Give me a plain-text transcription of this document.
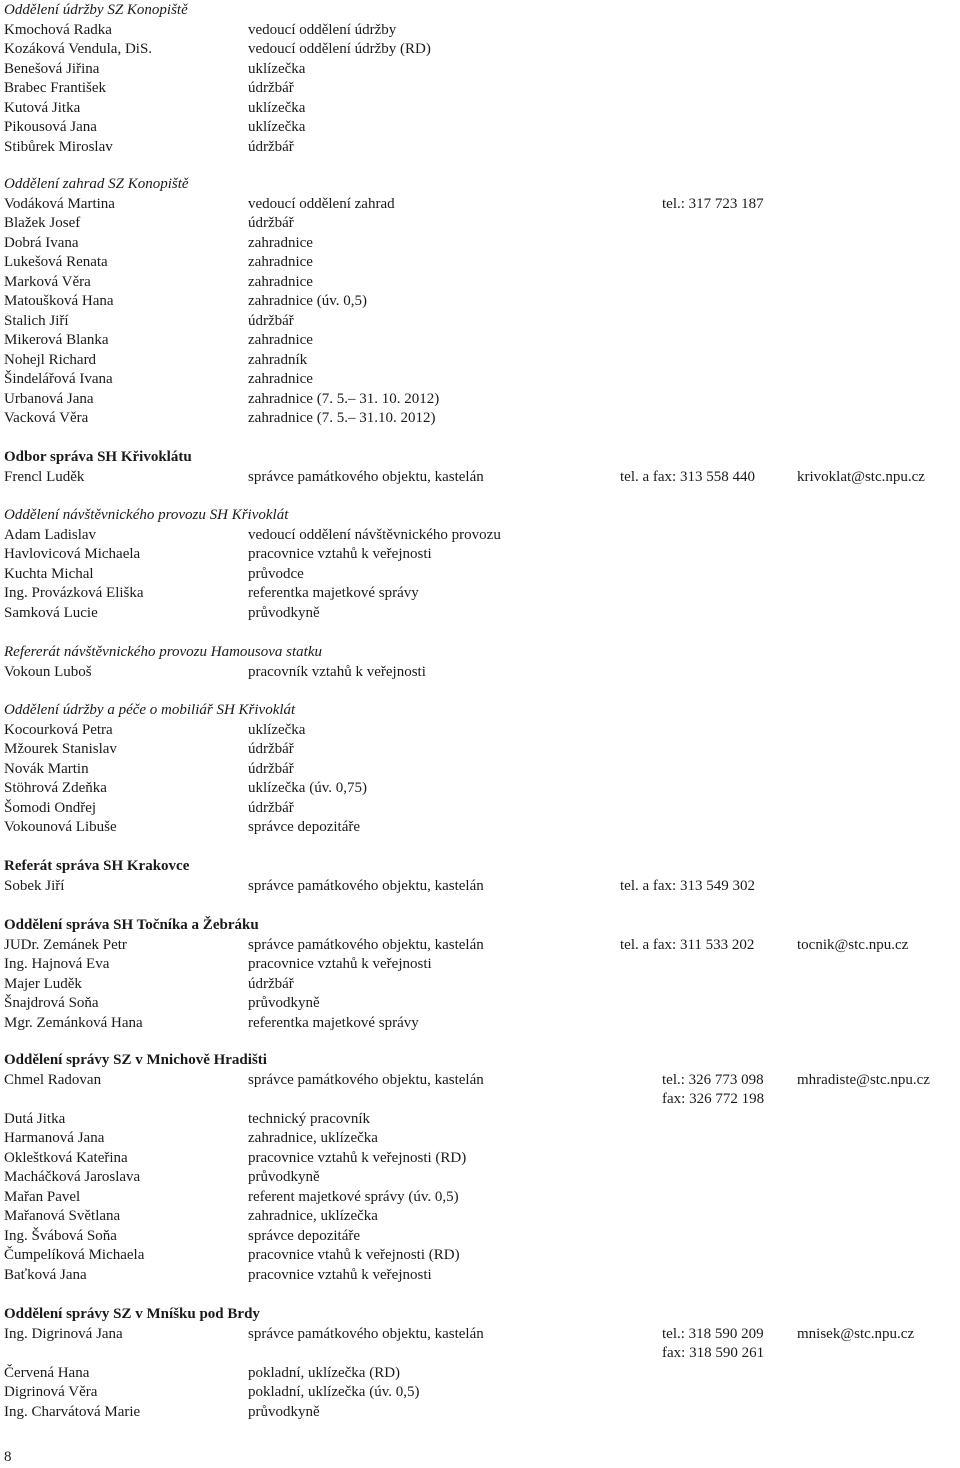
Oddělení údržby SZ Konopiště
Kmochová Radka	vedoucí oddělení údržby
Kozáková Vendula, DiS.	vedoucí oddělení údržby (RD)
Benešová Jiřina	uklízečka
Brabec František	údržbář
Kutová Jitka	uklízečka
Pikousová Jana	uklízečka
Stibůrek Miroslav	údržbář
Oddělení zahrad SZ Konopiště
Vodáková Martina	vedoucí oddělení zahrad	tel.: 317 723 187
Blažek Josef	údržbář
Dobrá Ivana	zahradnice
Lukešová Renata	zahradnice
Marková Věra	zahradnice
Matoušková Hana	zahradnice (úv. 0,5)
Stalich Jiří	údržbář
Mikerová Blanka	zahradnice
Nohejl Richard	zahradník
Šindelářová Ivana	zahradnice
Urbanová Jana	zahradnice (7. 5.– 31. 10. 2012)
Vacková Věra	zahradnice (7. 5.– 31.10. 2012)
Odbor správa SH Křivoklátu
Frencl Luděk	správce památkového objektu, kastelán	tel. a fax: 313 558 440	krivoklat@stc.npu.cz
Oddělení návštěvnického provozu SH Křivoklát
Adam Ladislav	vedoucí oddělení návštěvnického provozu
Havlovicová Michaela	pracovnice vztahů k veřejnosti
Kuchta Michal	průvodce
Ing. Provázková Eliška	referentka majetkové správy
Samková Lucie	průvodkyně
Refererát návštěvnického provozu Hamousova statku
Vokoun Luboš	pracovník vztahů k veřejnosti
Oddělení údržby a péče o mobiliář SH Křivoklát
Kocourková Petra	uklízečka
Mžourek Stanislav	údržbář
Novák Martin	údržbář
Stöhrová Zdeňka	uklízečka (úv. 0,75)
Šomodi Ondřej	údržbář
Vokounová Libuše	správce depozitáře
Referát správa SH Krakovce
Sobek Jiří	správce památkového objektu, kastelán	tel. a fax: 313 549 302
Oddělení správa SH Točníka a Žebráku
JUDr. Zemánek Petr	správce památkového objektu, kastelán	tel. a fax: 311 533 202	tocnik@stc.npu.cz
Ing. Hajnová Eva	pracovnice vztahů k veřejnosti
Majer Luděk	údržbář
Šnajdrová Soňa	průvodkyně
Mgr. Zemánková Hana	referentka majetkové správy
Oddělení správy SZ v Mnichově Hradišti
Chmel Radovan	správce památkového objektu, kastelán	tel.: 326 773 098 mhradiste@stc.npu.cz
fax: 326 772 198
Dutá Jitka	technický pracovník
Harmanová Jana	zahradnice, uklízečka
Okleštková Kateřina	pracovnice vztahů k veřejnosti (RD)
Macháčková Jaroslava	průvodkyně
Mařan Pavel	referent majetkové správy (úv. 0,5)
Mařanová Světlana	zahradnice, uklízečka
Ing. Švábová Soňa	správce depozitáře
Čumpelíková Michaela	pracovnice vtahů k veřejnosti (RD)
Baťková Jana	pracovnice vztahů k veřejnosti
Oddělení správy SZ v Mníšku pod Brdy
Ing. Digrinová Jana	správce památkového objektu, kastelán	tel.: 318 590 209 mnisek@stc.npu.cz
fax: 318 590 261
Červená Hana	pokladní, uklízečka (RD)
Digrinová Věra	pokladní, uklízečka (úv. 0,5)
Ing. Charvátová Marie	průvodkyně
8
